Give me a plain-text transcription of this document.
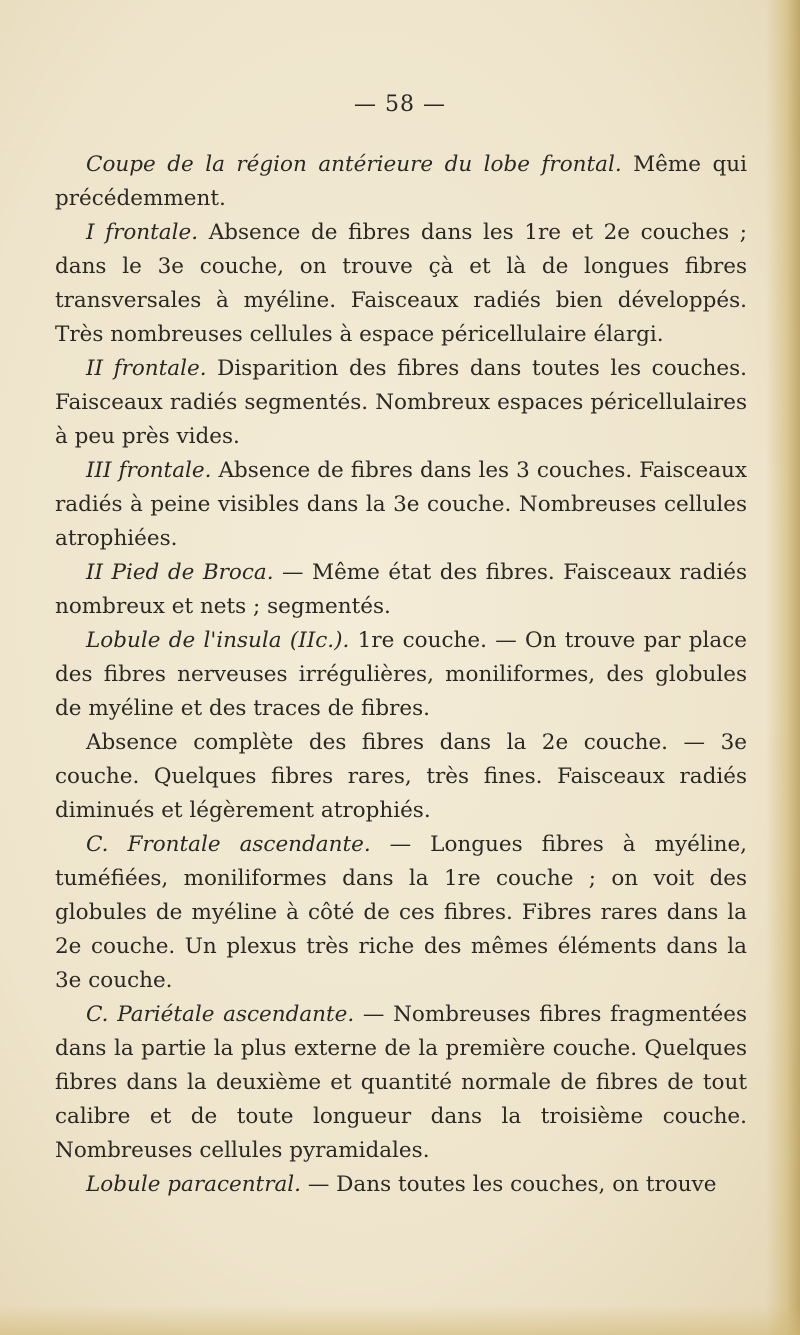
— 58 —

Coupe de la région antérieure du lobe frontal. Même qui précédemment.

I frontale. Absence de fibres dans les 1re et 2e couches ; dans le 3e couche, on trouve çà et là de longues fibres transversales à myéline. Faisceaux radiés bien développés. Très nombreuses cellules à espace péricellulaire élargi.

II frontale. Disparition des fibres dans toutes les couches. Faisceaux radiés segmentés. Nombreux espaces péricellulaires à peu près vides.

III frontale. Absence de fibres dans les 3 couches. Faisceaux radiés à peine visibles dans la 3e couche. Nombreuses cellules atrophiées.

II Pied de Broca. — Même état des fibres. Faisceaux radiés nombreux et nets ; segmentés.

Lobule de l'insula (IIc.). 1re couche. — On trouve par place des fibres nerveuses irrégulières, moniliformes, des globules de myéline et des traces de fibres.

Absence complète des fibres dans la 2e couche. — 3e couche. Quelques fibres rares, très fines. Faisceaux radiés diminués et légèrement atrophiés.

C. Frontale ascendante. — Longues fibres à myéline, tuméfiées, moniliformes dans la 1re couche ; on voit des globules de myéline à côté de ces fibres. Fibres rares dans la 2e couche. Un plexus très riche des mêmes éléments dans la 3e couche.

C. Pariétale ascendante. — Nombreuses fibres fragmentées dans la partie la plus externe de la première couche. Quelques fibres dans la deuxième et quantité normale de fibres de tout calibre et de toute longueur dans la troisième couche. Nombreuses cellules pyramidales.

Lobule paracentral. — Dans toutes les couches, on trouve
